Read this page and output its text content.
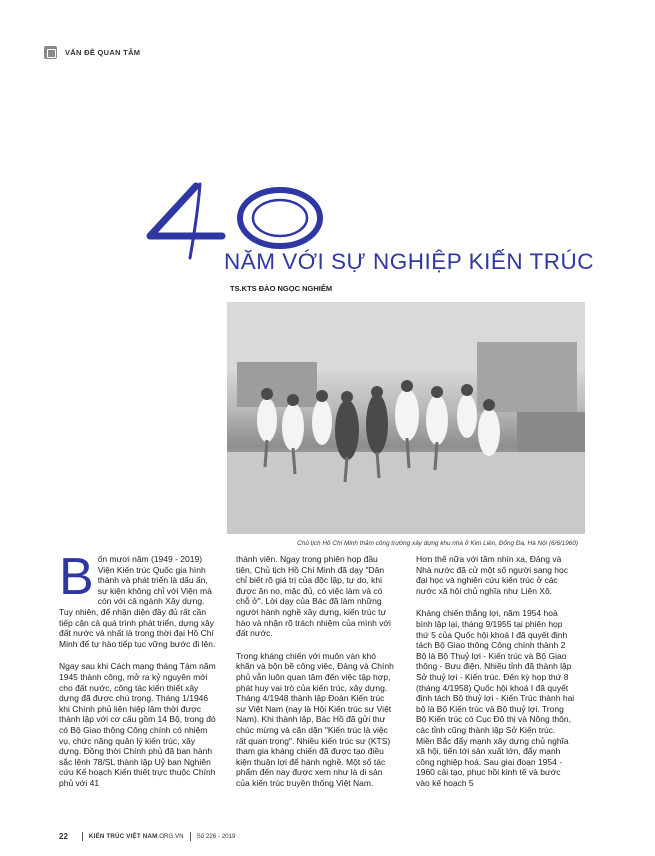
VẤN ĐỀ QUAN TÂM
NĂM VỚI SỰ NGHIỆP KIẾN TRÚC
TS.KTS ĐÀO NGỌC NGHIÊM
Chủ tịch Hồ Chí Minh thăm công trường xây dựng khu nhà ở Kim Liên, Đống Đa, Hà Nội (6/6/1960)

Bốn mươi năm (1949 - 2019) Viện Kiến trúc Quốc gia hình thành và phát triển là dấu ấn, sự kiện không chỉ với Viện mà còn với cả ngành Xây dựng. Tuy nhiên, để nhận diện đầy đủ rất cần tiếp cận cả quá trình phát triển, dựng xây đất nước và nhất là trong thời đại Hồ Chí Minh để tự hào tiếp tục vững bước đi lên.

Ngay sau khi Cách mạng tháng Tám năm 1945 thành công, mở ra kỷ nguyên mới cho đất nước, công tác kiến thiết xây dựng đã được chú trọng. Tháng 1/1946 khi Chính phủ liên hiệp lâm thời được thành lập với cơ cấu gồm 14 Bộ, trong đó có Bộ Giao thông Công chính có nhiệm vụ, chức năng quản lý kiến trúc, xây dựng. Đồng thời Chính phủ đã ban hành sắc lệnh 78/SL thành lập Uỷ ban Nghiên cứu Kế hoạch Kiến thiết trực thuộc Chính phủ với 41

thành viên. Ngay trong phiên họp đầu tiên, Chủ tịch Hồ Chí Minh đã dạy "Dân chỉ biết rõ giá trị của độc lập, tự do, khi được ăn no, mặc đủ, có việc làm và có chỗ ở". Lời dạy của Bác đã làm những người hành nghề xây dựng, kiến trúc tự hào và nhận rõ trách nhiệm của mình với đất nước.

Trong kháng chiến với muôn vàn khó khăn và bộn bề công việc, Đảng và Chính phủ vẫn luôn quan tâm đến việc tập hợp, phát huy vai trò của kiến trúc, xây dựng. Tháng 4/1948 thành lập Đoàn Kiến trúc sư Việt Nam (nay là Hội Kiến trúc sư Việt Nam). Khi thành lập, Bác Hồ đã gửi thư chúc mừng và căn dặn "Kiến trúc là việc rất quan trọng". Nhiều kiến trúc sư (KTS) tham gia kháng chiến đã được tạo điều kiện thuận lợi để hành nghề. Một số tác phẩm đến nay được xem như là di sản của kiến trúc truyền thống Việt Nam.

Hơn thế nữa với tầm nhìn xa, Đảng và Nhà nước đã cử một số người sang học đại học và nghiên cứu kiến trúc ở các nước xã hội chủ nghĩa như Liên Xô.

Kháng chiến thắng lợi, năm 1954 hoà bình lập lại, tháng 9/1955 tại phiên họp thứ 5 của Quốc hội khoá I đã quyết định tách Bộ Giao thông Công chính thành 2 Bộ là Bộ Thuỷ lợi - Kiến trúc và Bộ Giao thông - Bưu điện. Nhiều tỉnh đã thành lập Sở thuỷ lợi - Kiến trúc. Đến kỳ họp thứ 8 (tháng 4/1958) Quốc hội khoá I đã quyết định tách Bộ thuỷ lợi - Kiến Trúc thành hai bộ là Bộ Kiến trúc và Bộ thuỷ lợi. Trong Bộ Kiến trúc có Cục Đô thị và Nông thôn, các tỉnh cũng thành lập Sở Kiến trúc. Miền Bắc đẩy mạnh xây dựng chủ nghĩa xã hội, tiến tới sản xuất lớn, đẩy mạnh công nghiệp hoá. Sau giai đoạn 1954 - 1960 cải tạo, phục hồi kinh tế và bước vào kế hoạch 5

22	KIẾN TRÚC VIỆT NAM .ORG.VN Số 226 - 2019
